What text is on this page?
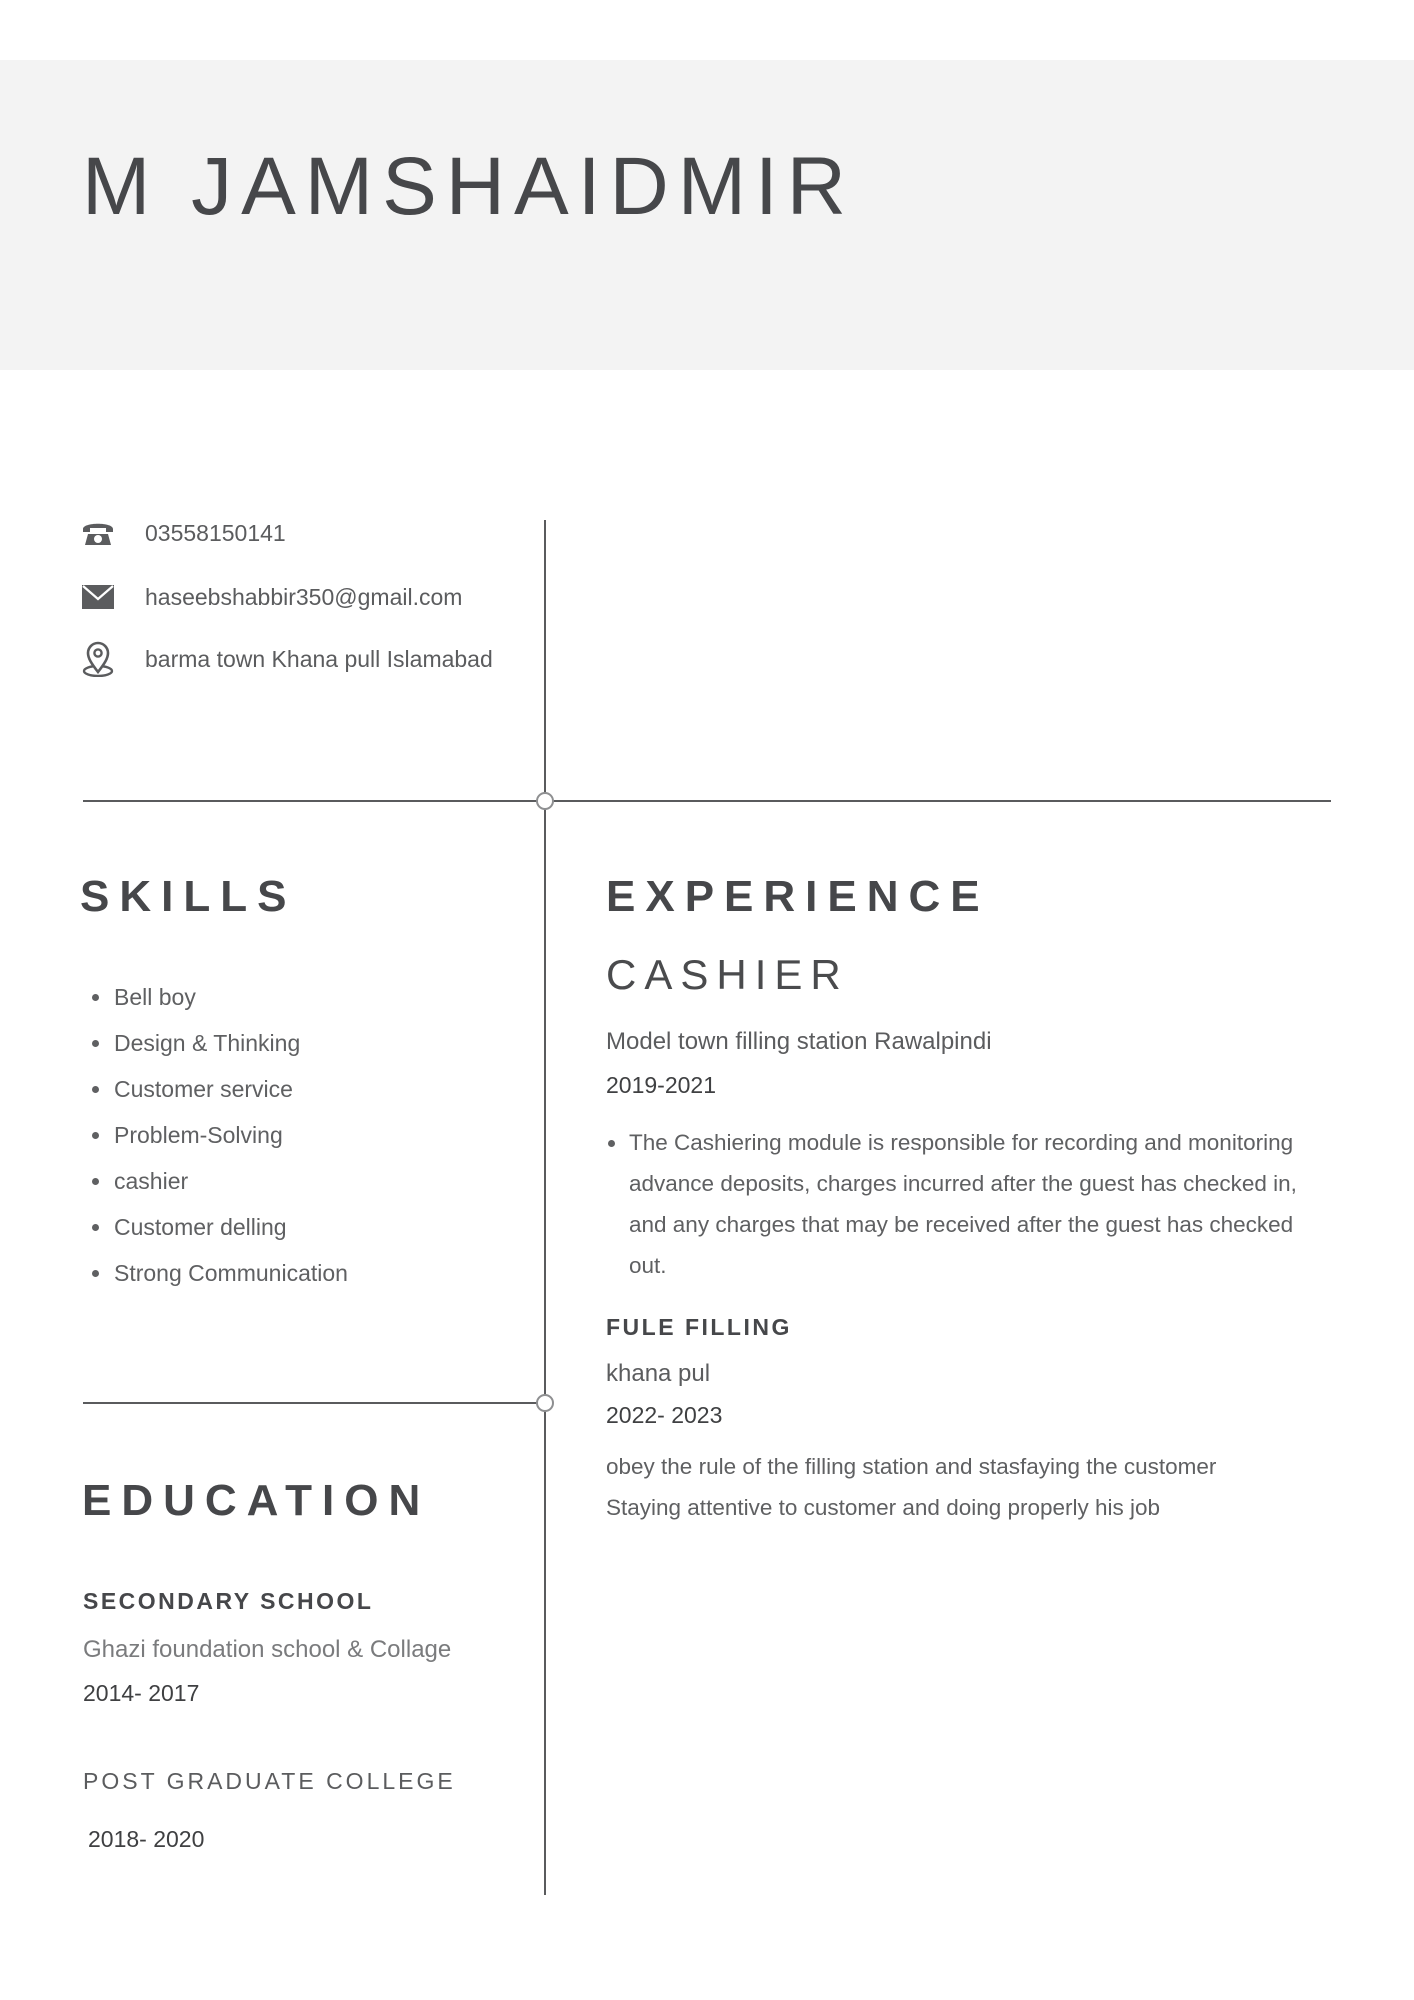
M JAMSHAIDMIR
03558150141
haseebshabbir350@gmail.com
barma town Khana pull Islamabad
SKILLS
Bell boy
Design & Thinking
Customer service
Problem-Solving
cashier
Customer delling
Strong Communication
EDUCATION
SECONDARY SCHOOL
Ghazi foundation school & Collage
2014- 2017
POST GRADUATE COLLEGE
2018- 2020
EXPERIENCE
CASHIER
Model town filling station Rawalpindi
2019-2021
The Cashiering module is responsible for recording and monitoring advance deposits, charges incurred after the guest has checked in, and any charges that may be received after the guest has checked out.
FULE FILLING
khana pul
2022- 2023
obey the rule of the filling station and stasfaying the customer
Staying attentive to customer and doing properly his job
